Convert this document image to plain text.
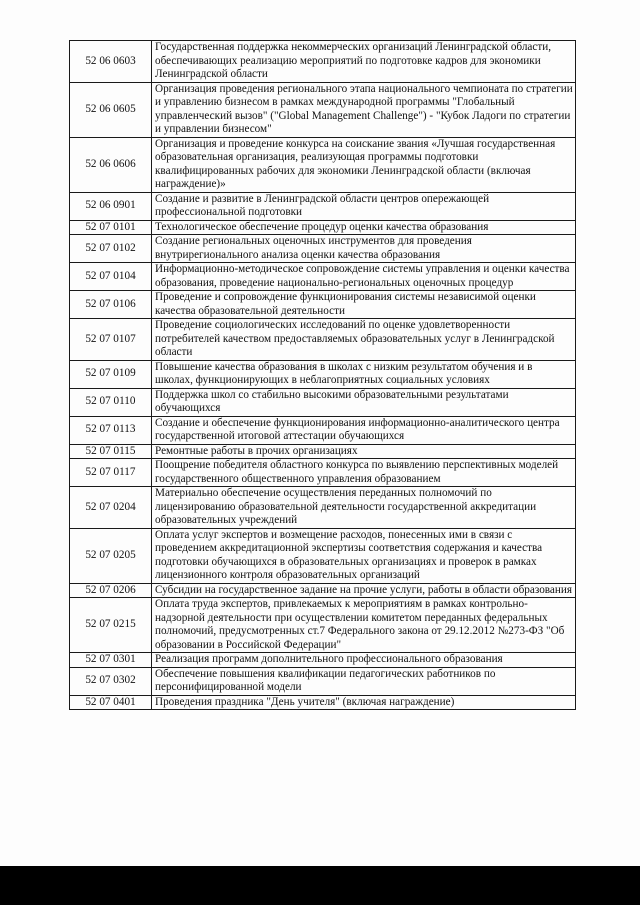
52 06 0603	Государственная поддержка некоммерческих организаций Ленинградской области, обеспечивающих реализацию мероприятий по подготовке кадров для экономики Ленинградской области
52 06 0605	Организация проведения регионального этапа национального чемпионата по стратегии и управлению бизнесом в рамках международной программы "Глобальный управленческий вызов" ("Global Management Challenge") - "Кубок Ладоги по стратегии и управлении бизнесом"
52 06 0606	Организация и проведение конкурса на соискание звания «Лучшая государственная образовательная организация, реализующая программы подготовки квалифицированных рабочих для экономики Ленинградской области (включая награждение)»
52 06 0901	Создание и развитие в Ленинградской области центров опережающей профессиональной подготовки
52 07 0101	Технологическое обеспечение процедур оценки качества образования
52 07 0102	Создание региональных оценочных инструментов для проведения внутрирегионального анализа оценки качества образования
52 07 0104	Информационно-методическое сопровождение системы управления и оценки качества образования, проведение национально-региональных оценочных процедур
52 07 0106	Проведение и сопровождение функционирования системы независимой оценки качества образовательной деятельности
52 07 0107	Проведение социологических исследований по оценке удовлетворенности потребителей качеством предоставляемых образовательных услуг в Ленинградской области
52 07 0109	Повышение качества образования в школах с низким результатом обучения и в школах, функционирующих в неблагоприятных социальных условиях
52 07 0110	Поддержка школ со стабильно высокими образовательными результатами обучающихся
52 07 0113	Создание и обеспечение функционирования информационно-аналитического центра государственной итоговой аттестации обучающихся
52 07 0115	Ремонтные работы в прочих организациях
52 07 0117	Поощрение победителя областного конкурса по выявлению перспективных моделей государственного общественного управления образованием
52 07 0204	Материально обеспечение осуществления переданных полномочий по лицензированию образовательной деятельности государственной аккредитации образовательных учреждений
52 07 0205	Оплата услуг экспертов и возмещение расходов, понесенных ими в связи с проведением аккредитационной экспертизы соответствия содержания и качества подготовки обучающихся в образовательных организациях и проверок в рамках лицензионного контроля образовательных организаций
52 07 0206	Субсидии на государственное задание на прочие услуги, работы в области образования
52 07 0215	Оплата труда экспертов, привлекаемых к мероприятиям в рамках контрольно-надзорной деятельности при осуществлении комитетом переданных федеральных полномочий, предусмотренных ст.7 Федерального закона от 29.12.2012 №273-ФЗ "Об образовании в Российской Федерации"
52 07 0301	Реализация программ дополнительного профессионального образования
52 07 0302	Обеспечение повышения квалификации педагогических работников по персонифицированной модели
52 07 0401	Проведения праздника "День учителя" (включая награждение)
